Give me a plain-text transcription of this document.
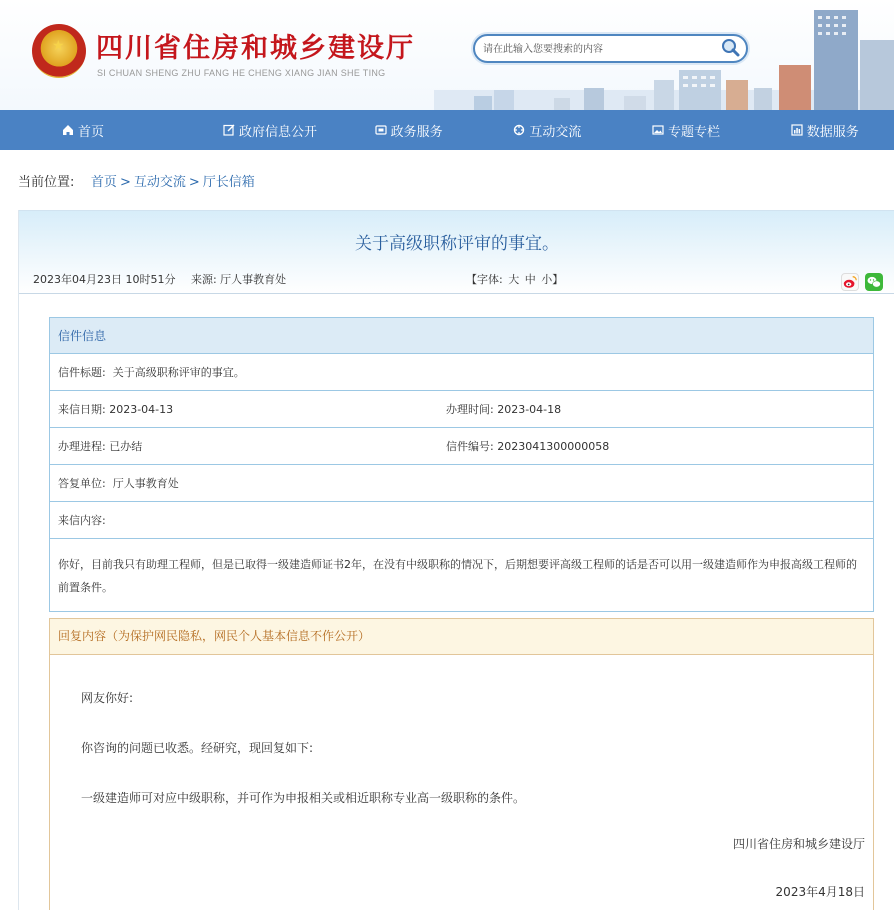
★ 四川省住房和城乡建设厅
SI CHUAN SHENG ZHU FANG HE CHENG XIANG JIAN SHE TING
请在此输入您要搜索的内容
首页	政府信息公开	政务服务	互动交流	专题专栏	数据服务
当前位置: 首页 > 互动交流 > 厅长信箱
关于高级职称评审的事宜。
2023年04月23日 10时51分 来源: 厅人事教育处	【字体: 大 中 小】
信件信息
信件标题: 关于高级职称评审的事宜。
来信日期: 2023-04-13	办理时间: 2023-04-18
办理进程: 已办结	信件编号: 2023041300000058
答复单位: 厅人事教育处
来信内容:
你好，目前我只有助理工程师，但是已取得一级建造师证书2年，在没有中级职称的情况下，后期想要评高级工程师的话是否可以用一级建造师作为申报高级工程师的前置条件。
回复内容（为保护网民隐私，网民个人基本信息不作公开）
网友你好:
你咨询的问题已收悉。经研究，现回复如下:
一级建造师可对应中级职称，并可作为申报相关或相近职称专业高一级职称的条件。
四川省住房和城乡建设厅
2023年4月18日
